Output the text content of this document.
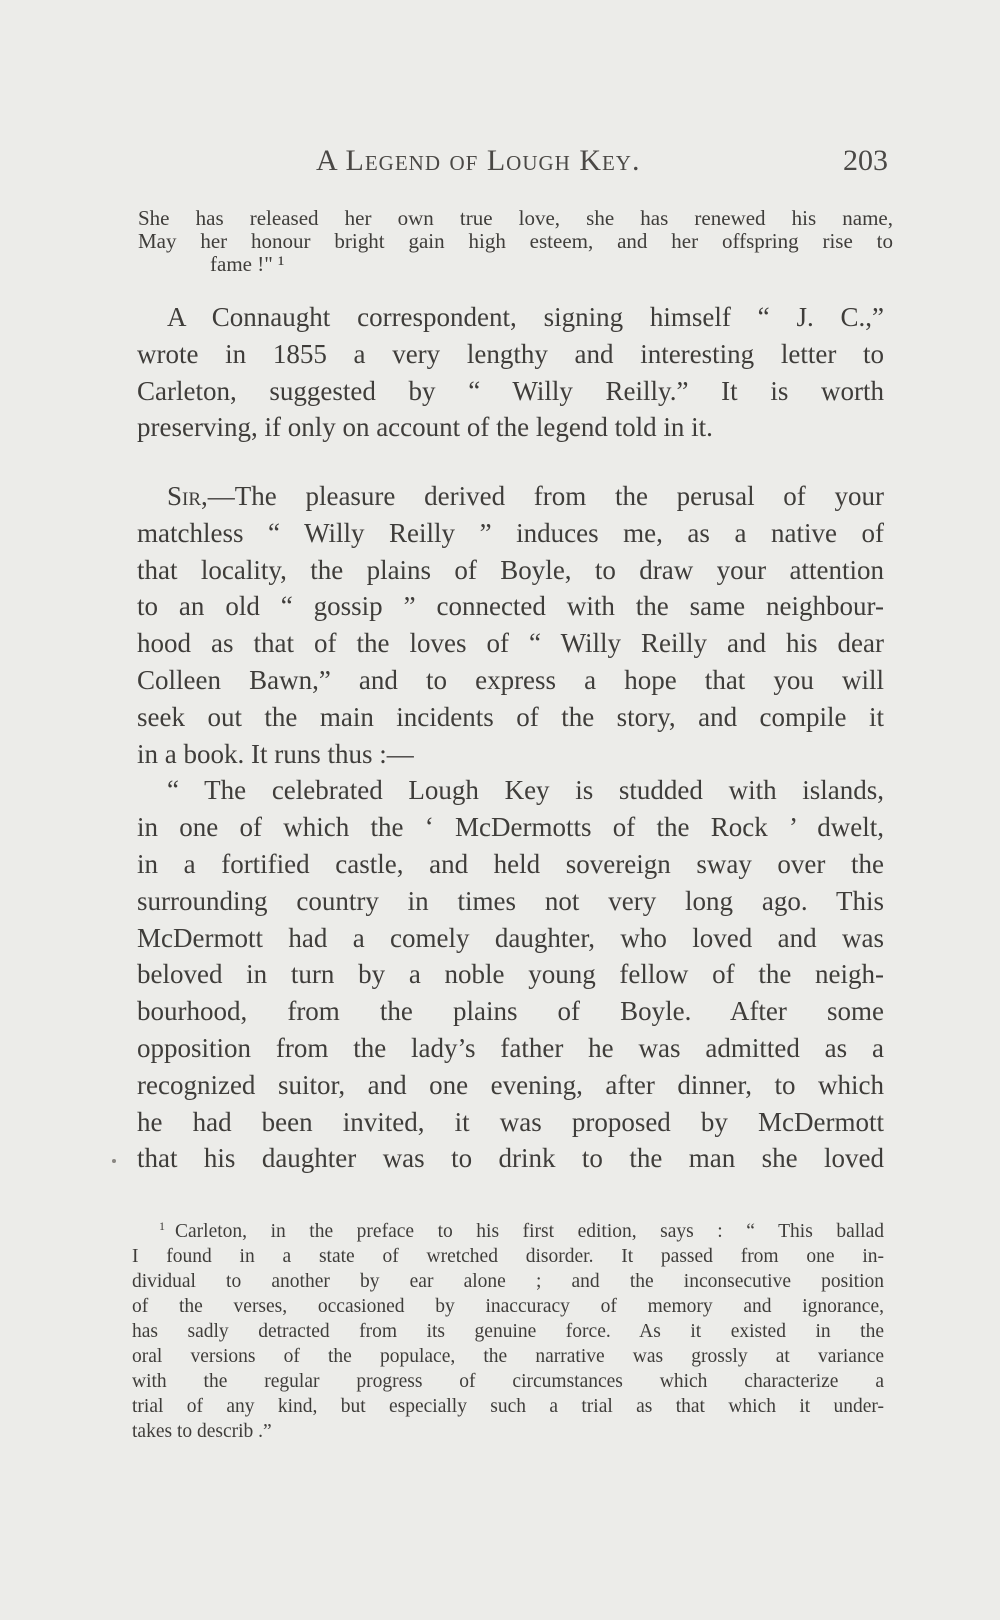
A Legend of Lough Key.	203
She has released her own true love, she has renewed his name,
May her honour bright gain high esteem, and her offspring rise to
fame !" ¹
A Connaught correspondent, signing himself “ J. C.,”
wrote in 1855 a very lengthy and interesting letter to
Carleton, suggested by “ Willy Reilly.” It is worth
preserving, if only on account of the legend told in it.
Sir,—The pleasure derived from the perusal of your
matchless “ Willy Reilly ” induces me, as a native of
that locality, the plains of Boyle, to draw your attention
to an old “ gossip ” connected with the same neighbour-
hood as that of the loves of “ Willy Reilly and his dear
Colleen Bawn,” and to express a hope that you will
seek out the main incidents of the story, and compile it
in a book. It runs thus :—
“ The celebrated Lough Key is studded with islands,
in one of which the ‘ McDermotts of the Rock ’ dwelt,
in a fortified castle, and held sovereign sway over the
surrounding country in times not very long ago. This
McDermott had a comely daughter, who loved and was
beloved in turn by a noble young fellow of the neigh-
bourhood, from the plains of Boyle. After some
opposition from the lady’s father he was admitted as a
recognized suitor, and one evening, after dinner, to which
he had been invited, it was proposed by McDermott
that his daughter was to drink to the man she loved
$^1$ Carleton, in the preface to his first edition, says : “ This ballad
I found in a state of wretched disorder. It passed from one in-
dividual to another by ear alone ; and the inconsecutive position
of the verses, occasioned by inaccuracy of memory and ignorance,
has sadly detracted from its genuine force. As it existed in the
oral versions of the populace, the narrative was grossly at variance
with the regular progress of circumstances which characterize a
trial of any kind, but especially such a trial as that which it under-
takes to describ .”
